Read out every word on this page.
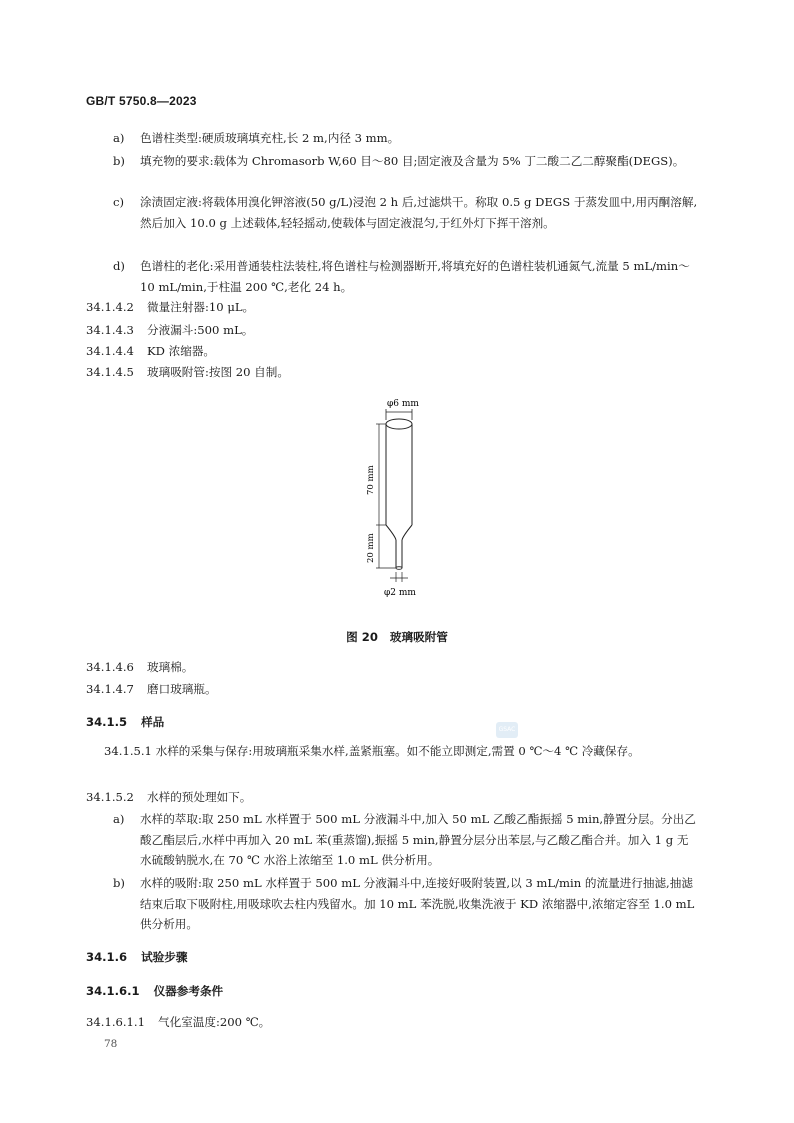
GB/T 5750.8—2023
a) 色谱柱类型:硬质玻璃填充柱,长 2 m,内径 3 mm。
b) 填充物的要求:载体为 Chromasorb W,60 目～80 目;固定液及含量为 5% 丁二酸二乙二醇聚酯(DEGS)。
c) 涂渍固定液:将载体用溴化钾溶液(50 g/L)浸泡 2 h 后,过滤烘干。称取 0.5 g DEGS 于蒸发皿中,用丙酮溶解,然后加入 10.0 g 上述载体,轻轻摇动,使载体与固定液混匀,于红外灯下挥干溶剂。
d) 色谱柱的老化:采用普通装柱法装柱,将色谱柱与检测器断开,将填充好的色谱柱装机通氮气,流量 5 mL/min～10 mL/min,于柱温 200 ℃,老化 24 h。
34.1.4.2 微量注射器:10 μL。
34.1.4.3 分液漏斗:500 mL。
34.1.4.4 KD 浓缩器。
34.1.4.5 玻璃吸附管:按图 20 自制。
φ6 mm
70 mm
20 mm
φ2 mm
图 20 玻璃吸附管
34.1.4.6 玻璃棉。
34.1.4.7 磨口玻璃瓶。
34.1.5 样品
GSAC
34.1.5.1 水样的采集与保存:用玻璃瓶采集水样,盖紧瓶塞。如不能立即测定,需置 0 ℃～4 ℃ 冷藏保存。
34.1.5.2 水样的预处理如下。
a) 水样的萃取:取 250 mL 水样置于 500 mL 分液漏斗中,加入 50 mL 乙酸乙酯振摇 5 min,静置分层。分出乙酸乙酯层后,水样中再加入 20 mL 苯(重蒸馏),振摇 5 min,静置分层分出苯层,与乙酸乙酯合并。加入 1 g 无水硫酸钠脱水,在 70 ℃ 水浴上浓缩至 1.0 mL 供分析用。
b) 水样的吸附:取 250 mL 水样置于 500 mL 分液漏斗中,连接好吸附装置,以 3 mL/min 的流量进行抽滤,抽滤结束后取下吸附柱,用吸球吹去柱内残留水。加 10 mL 苯洗脱,收集洗液于 KD 浓缩器中,浓缩定容至 1.0 mL 供分析用。
34.1.6 试验步骤
34.1.6.1 仪器参考条件
34.1.6.1.1 气化室温度:200 ℃。
78
